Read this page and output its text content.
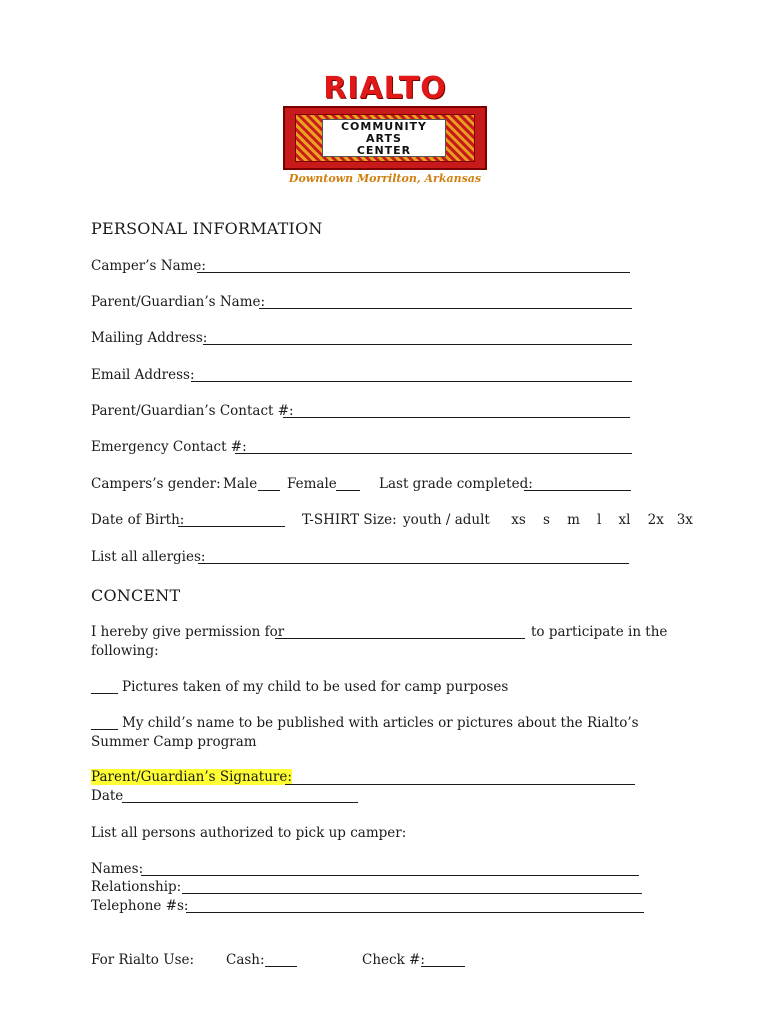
RIALTO
COMMUNITY
ARTS
CENTER
Downtown Morrilton, Arkansas
PERSONAL INFORMATION
Camper’s Name:
Parent/Guardian’s Name:
Mailing Address:
Email Address:
Parent/Guardian’s Contact #:
Emergency Contact #:
Campers’s gender: Male Female	Last grade completed:
Date of Birth:	T-SHIRT Size: youth / adult     xs    s    m    l    xl    2x   3x
List all allergies:
CONCENT
I hereby give permission for	to participate in the
following:
Pictures taken of my child to be used for camp purposes
My child’s name to be published with articles or pictures about the Rialto’s
Summer Camp program
Parent/Guardian’s Signature:
Date
List all persons authorized to pick up camper:
Names:
Relationship:
Telephone #s:
For Rialto Use: Cash:	Check #:
